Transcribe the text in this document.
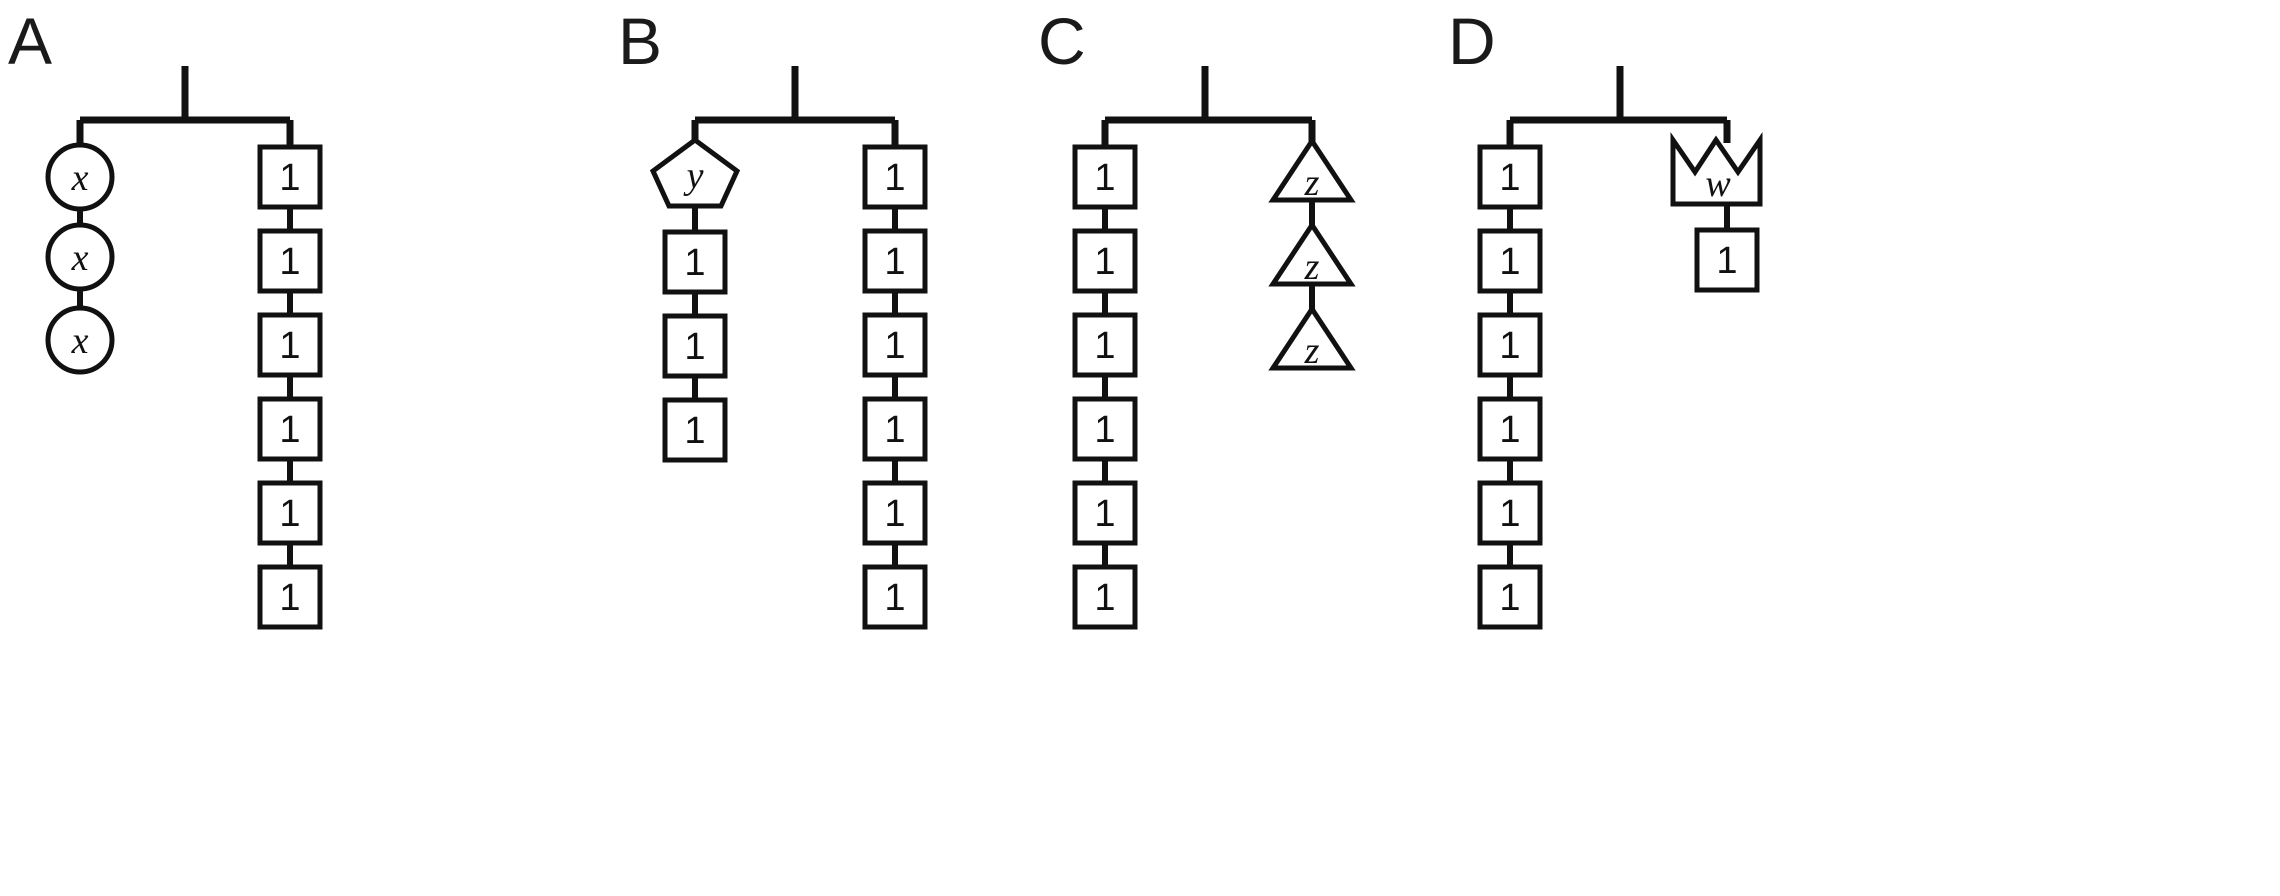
A
x
x
x
1
1
1
1
1
1
B
y
1
1
1
1
1
1
1
1
1
C
1
1
1
1
1
1
z
z
z
D
1
1
1
1
1
1
w
1
